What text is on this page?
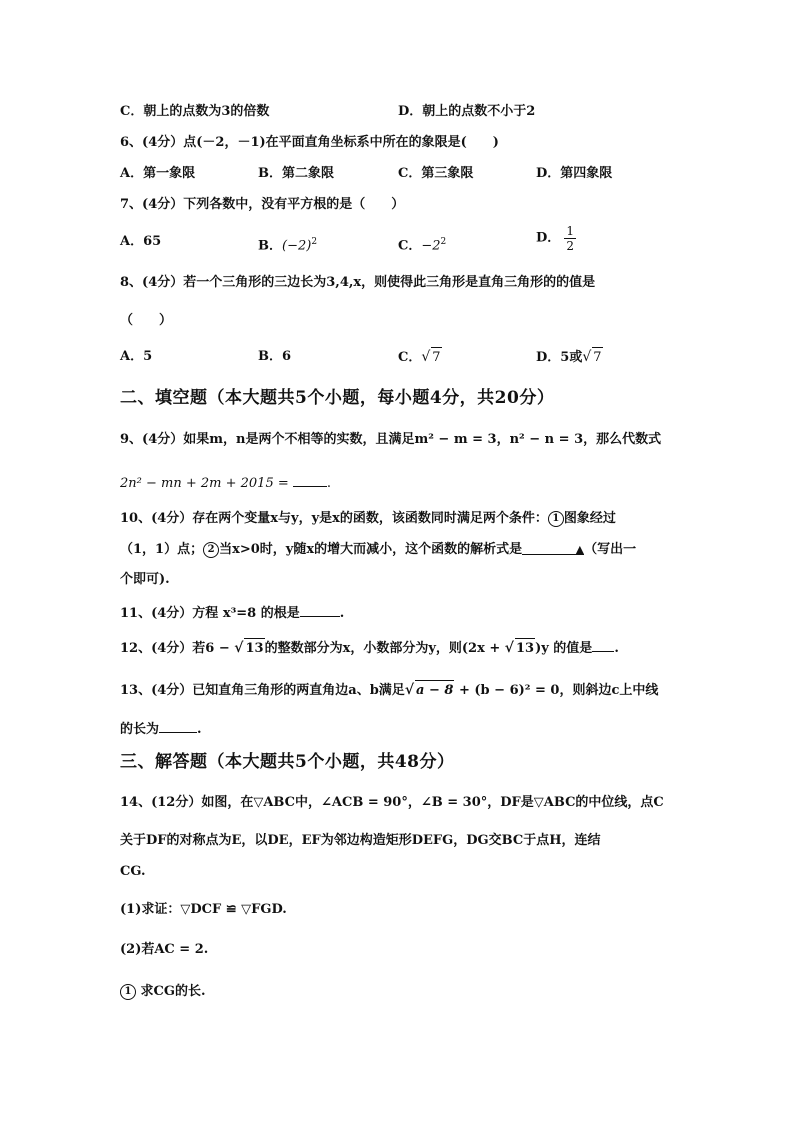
C．朝上的点数为3的倍数	D．朝上的点数不小于2
6、(4分）点(－2，－1)在平面直角坐标系中所在的象限是(　　)
A．第一象限	B．第二象限	C．第三象限	D．第四象限
7、(4分）下列各数中，没有平方根的是（　　）
A．65	B．$(-2)^2$	C．$-2^2$	D． $\frac{1}{2}$
8、(4分）若一个三角形的三边长为3,4,x，则使得此三角形是直角三角形的的值是
（　　）
A．5	B．6	C．√ 7	D．5或√ 7
二、填空题（本大题共5个小题，每小题4分，共20分）
9、(4分）如果m，n是两个不相等的实数，且满足m² − m = 3，n² − n = 3，那么代数式
2n² − mn + 2m + 2015 =	.
10、(4分）存在两个变量x与y，y是x的函数，该函数同时满足两个条件： 1 图象经过
（1，1）点； 2 当x>0时，y随x的增大而减小，这个函数的解析式是	▲（写出一
个即可).
11、(4分）方程 x³=8 的根是	.
12、(4分）若6 − √ 13的整数部分为x，小数部分为y，则(2x + √ 13)y 的值是 .
13、(4分）已知直角三角形的两直角边a、b满足√ a − 8 + (b − 6)² = 0，则斜边c上中线
的长为	.
三、解答题（本大题共5个小题，共48分）
14、(12分）如图，在▽ABC中，∠ACB = 90°，∠B = 30°，DF是▽ABC的中位线，点C
关于DF的对称点为E，以DE，EF为邻边构造矩形DEFG，DG交BC于点H，连结
CG.
(1)求证：▽DCF ≌ ▽FGD.
(2)若AC = 2.
1 求CG的长.
